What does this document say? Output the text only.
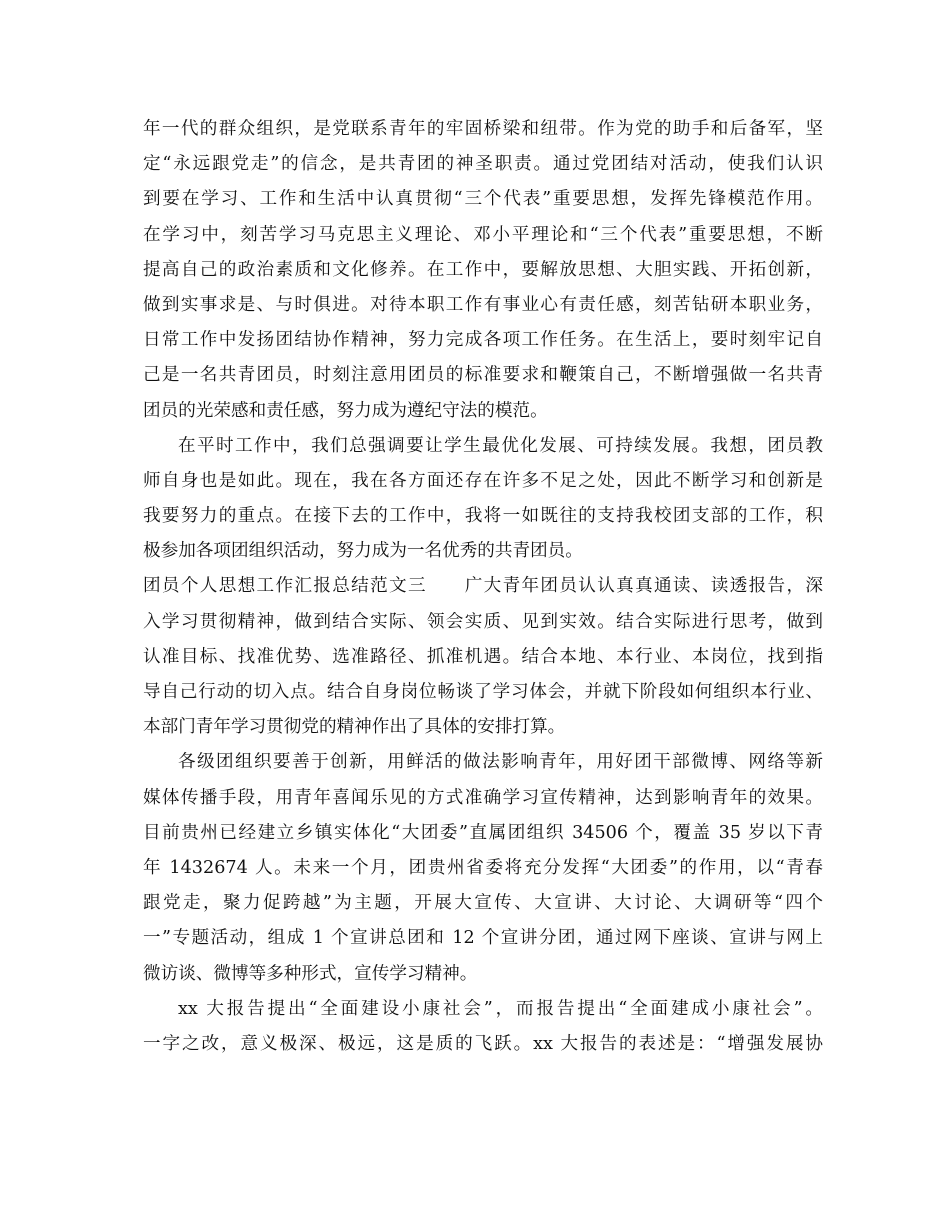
年一代的群众组织，是党联系青年的牢固桥梁和纽带。作为党的助手和后备军，坚
定“永远跟党走”的信念，是共青团的神圣职责。通过党团结对活动，使我们认识
到要在学习、工作和生活中认真贯彻“三个代表”重要思想，发挥先锋模范作用。
在学习中，刻苦学习马克思主义理论、邓小平理论和“三个代表”重要思想，不断
提高自己的政治素质和文化修养。在工作中，要解放思想、大胆实践、开拓创新，
做到实事求是、与时俱进。对待本职工作有事业心有责任感，刻苦钻研本职业务，
日常工作中发扬团结协作精神，努力完成各项工作任务。在生活上，要时刻牢记自
己是一名共青团员，时刻注意用团员的标准要求和鞭策自己，不断增强做一名共青
团员的光荣感和责任感，努力成为遵纪守法的模范。
在平时工作中，我们总强调要让学生最优化发展、可持续发展。我想，团员教
师自身也是如此。现在，我在各方面还存在许多不足之处，因此不断学习和创新是
我要努力的重点。在接下去的工作中，我将一如既往的支持我校团支部的工作，积
极参加各项团组织活动，努力成为一名优秀的共青团员。
团员个人思想工作汇报总结范文三　　广大青年团员认认真真通读、读透报告，深
入学习贯彻精神，做到结合实际、领会实质、见到实效。结合实际进行思考，做到
认准目标、找准优势、选准路径、抓准机遇。结合本地、本行业、本岗位，找到指
导自己行动的切入点。结合自身岗位畅谈了学习体会，并就下阶段如何组织本行业、
本部门青年学习贯彻党的精神作出了具体的安排打算。
各级团组织要善于创新，用鲜活的做法影响青年，用好团干部微博、网络等新
媒体传播手段，用青年喜闻乐见的方式准确学习宣传精神，达到影响青年的效果。
目前贵州已经建立乡镇实体化“大团委”直属团组织 34506 个，覆盖 35 岁以下青
年 1432674 人。未来一个月，团贵州省委将充分发挥“大团委”的作用，以“青春
跟党走，聚力促跨越”为主题，开展大宣传、大宣讲、大讨论、大调研等“四个
一”专题活动，组成 1 个宣讲总团和 12 个宣讲分团，通过网下座谈、宣讲与网上
微访谈、微博等多种形式，宣传学习精神。
xx 大报告提出“全面建设小康社会”，而报告提出“全面建成小康社会”。
一字之改，意义极深、极远，这是质的飞跃。xx 大报告的表述是：“增强发展协
